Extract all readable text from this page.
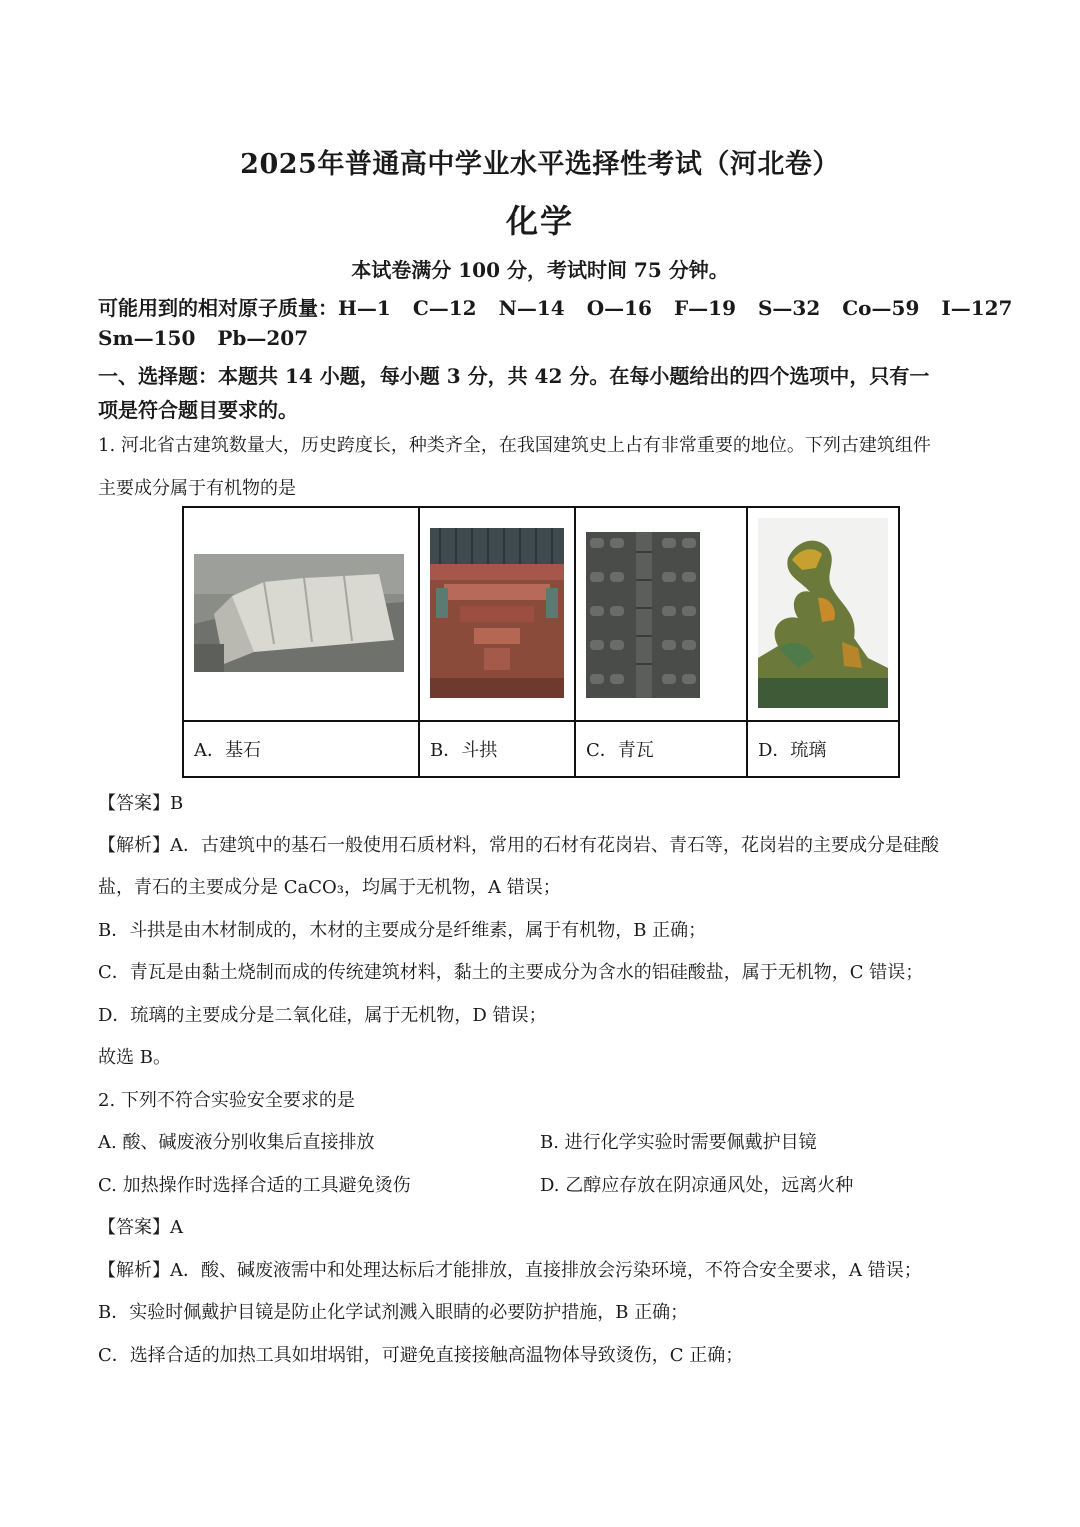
2025年普通高中学业水平选择性考试（河北卷）
化学
本试卷满分 100 分，考试时间 75 分钟。
可能用到的相对原子质量：H—1 C—12 N—14 O—16 F—19 S—32 Co—59 I—127
Sm—150 Pb—207
一、选择题：本题共 14 小题，每小题 3 分，共 42 分。在每小题给出的四个选项中，只有一
项是符合题目要求的。
1. 河北省古建筑数量大，历史跨度长，种类齐全，在我国建筑史上占有非常重要的地位。下列古建筑组件
主要成分属于有机物的是

A．基石	B．斗拱	C．青瓦	D．琉璃
【答案】B
【解析】A．古建筑中的基石一般使用石质材料，常用的石材有花岗岩、青石等，花岗岩的主要成分是硅酸
盐，青石的主要成分是 CaCO₃，均属于无机物，A 错误；
B．斗拱是由木材制成的，木材的主要成分是纤维素，属于有机物，B 正确；
C．青瓦是由黏土烧制而成的传统建筑材料，黏土的主要成分为含水的铝硅酸盐，属于无机物，C 错误；
D．琉璃的主要成分是二氧化硅，属于无机物，D 错误；
故选 B。
2. 下列不符合实验安全要求的是
A. 酸、碱废液分别收集后直接排放	B. 进行化学实验时需要佩戴护目镜
C. 加热操作时选择合适的工具避免烫伤	D. 乙醇应存放在阴凉通风处，远离火种
【答案】A
【解析】A．酸、碱废液需中和处理达标后才能排放，直接排放会污染环境，不符合安全要求，A 错误；
B．实验时佩戴护目镜是防止化学试剂溅入眼睛的必要防护措施，B 正确；
C．选择合适的加热工具如坩埚钳，可避免直接接触高温物体导致烫伤，C 正确；
